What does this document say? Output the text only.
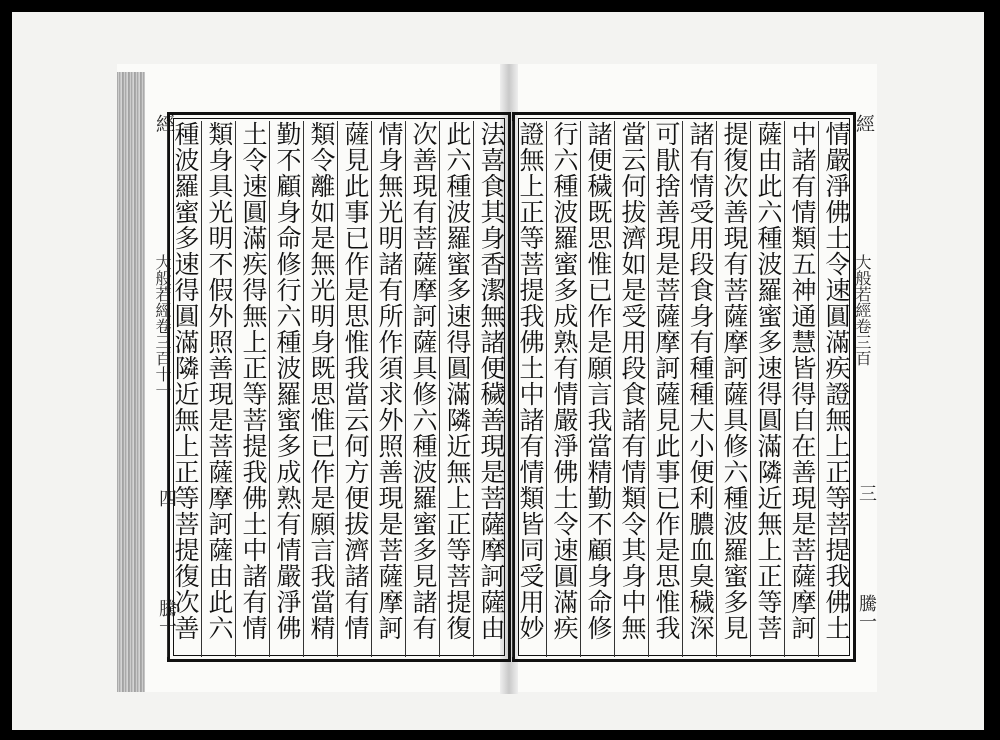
經
大般若經卷三百十一
四
騰一
經
大般若經卷三百
三
騰一
法喜食其身香潔無諸便穢善現是菩薩摩訶薩由
此六種波羅蜜多速得圓滿隣近無上正等菩提復
次善現有菩薩摩訶薩具修六種波羅蜜多見諸有
情身無光明諸有所作須求外照善現是菩薩摩訶
薩見此事已作是思惟我當云何方便拔濟諸有情
類令離如是無光明身既思惟已作是願言我當精
勤不顧身命修行六種波羅蜜多成熟有情嚴淨佛
土令速圓滿疾得無上正等菩提我佛土中諸有情
類身具光明不假外照善現是菩薩摩訶薩由此六
種波羅蜜多速得圓滿隣近無上正等菩提復次善	情嚴淨佛土令速圓滿疾證無上正等菩提我佛土
中諸有情類五神通慧皆得自在善現是菩薩摩訶
薩由此六種波羅蜜多速得圓滿隣近無上正等菩
提復次善現有菩薩摩訶薩具修六種波羅蜜多見
諸有情受用段食身有種種大小便利膿血臭穢深
可猒捨善現是菩薩摩訶薩見此事已作是思惟我
當云何拔濟如是受用段食諸有情類令其身中無
諸便穢既思惟已作是願言我當精勤不顧身命修
行六種波羅蜜多成熟有情嚴淨佛土令速圓滿疾
證無上正等菩提我佛土中諸有情類皆同受用妙
